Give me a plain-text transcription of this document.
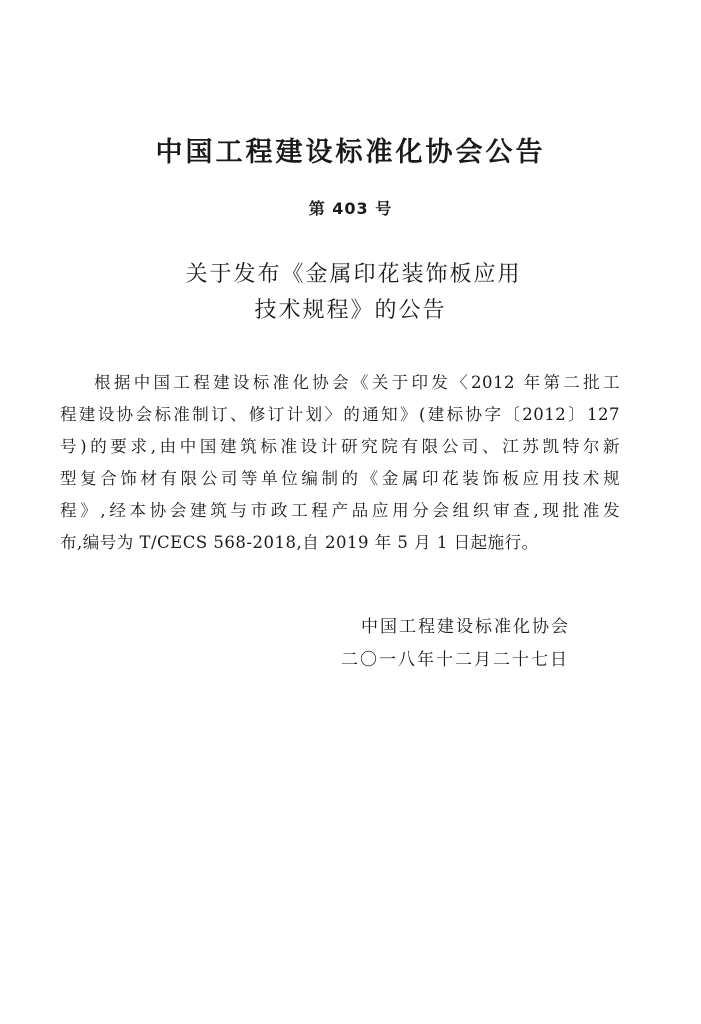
中国工程建设标准化协会公告
第 403 号
关于发布《金属印花装饰板应用
技术规程》的公告
根据中国工程建设标准化协会《关于印发〈2012 年第二批工
程建设协会标准制订、修订计划〉的通知》(建标协字〔2012〕127
号)的要求,由中国建筑标准设计研究院有限公司、江苏凯特尔新
型复合饰材有限公司等单位编制的《金属印花装饰板应用技术规
程》,经本协会建筑与市政工程产品应用分会组织审查,现批准发
布,编号为 T/CECS 568-2018,自 2019 年 5 月 1 日起施行。
中国工程建设标准化协会
二〇一八年十二月二十七日
